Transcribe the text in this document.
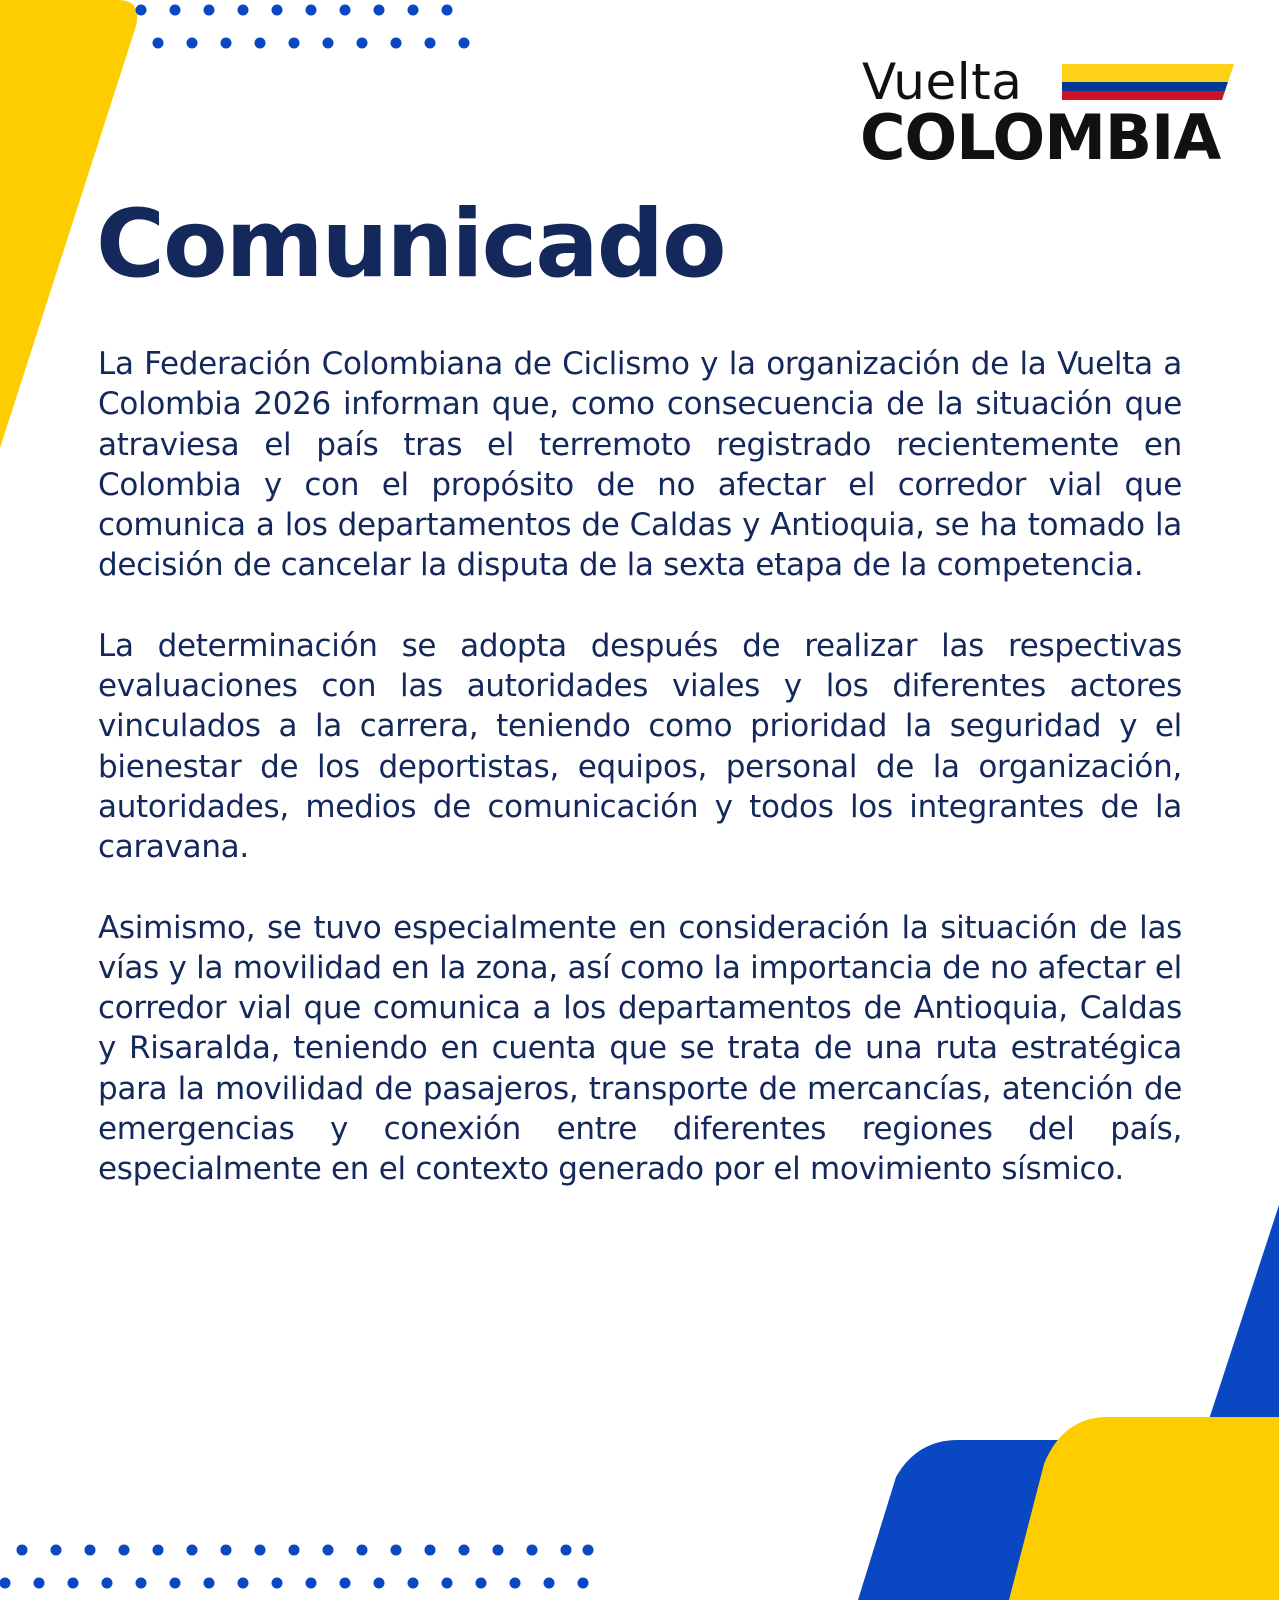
Vuelta
COLOMBIA
Comunicado

La Federación Colombiana de Ciclismo y la organización de la Vuelta a Colombia 2026 informan que, como consecuencia de la situación que atraviesa el país tras el terremoto registrado recientemente en Colombia y con el propósito de no afectar el corredor vial que comunica a los departamentos de Caldas y Antioquia, se ha tomado la decisión de cancelar la disputa de la sexta etapa de la competencia.

La determinación se adopta después de realizar las respectivas evaluaciones con las autoridades viales y los diferentes actores vinculados a la carrera, teniendo como prioridad la seguridad y el bienestar de los deportistas, equipos, personal de la organización, autoridades, medios de comunicación y todos los integrantes de la caravana.

Asimismo, se tuvo especialmente en consideración la situación de las vías y la movilidad en la zona, así como la importancia de no afectar el corredor vial que comunica a los departamentos de Antioquia, Caldas y Risaralda, teniendo en cuenta que se trata de una ruta estratégica para la movilidad de pasajeros, transporte de mercancías, atención de emergencias y conexión entre diferentes regiones del país, especialmente en el contexto generado por el movimiento sísmico.
